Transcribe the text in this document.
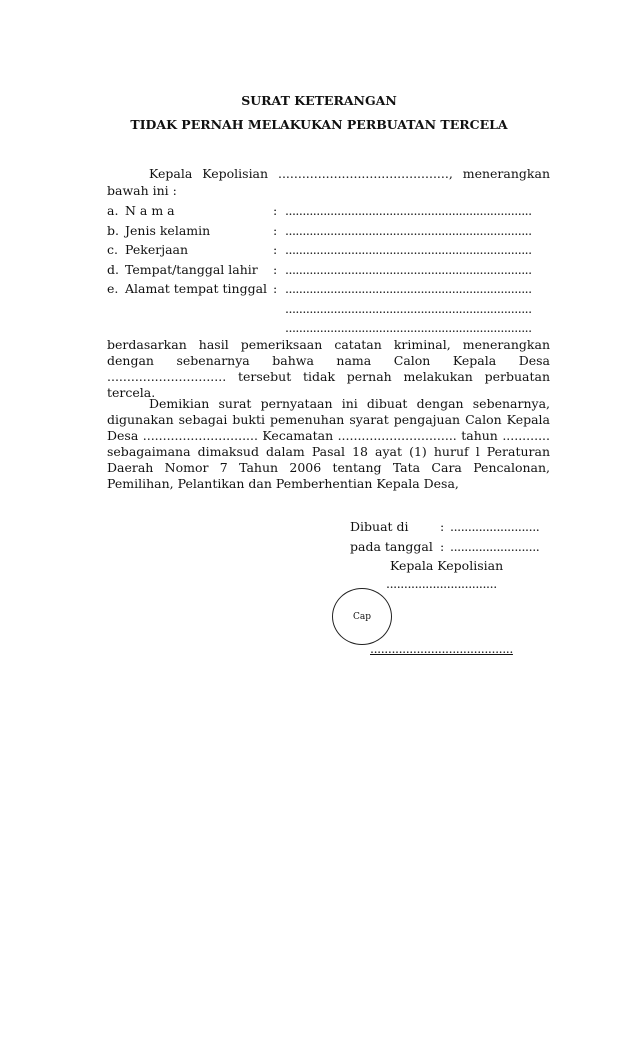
SURAT KETERANGAN
TIDAK PERNAH MELAKUKAN PERBUATAN TERCELA
Kepala Kepolisian ..........................................., menerangkan bawah ini :
a. N a m a	: .......................................................................
b. Jenis kelamin	: .......................................................................
c. Pekerjaan	: .......................................................................
d. Tempat/tanggal lahir : .......................................................................
e. Alamat tempat tinggal : .......................................................................
.......................................................................
.......................................................................
berdasarkan hasil pemeriksaan catatan kriminal, menerangkan dengan sebenarnya bahwa nama Calon Kepala Desa .............................. tersebut tidak pernah melakukan perbuatan tercela.
Demikian surat pernyataan ini dibuat dengan sebenarnya, digunakan sebagai bukti pemenuhan syarat pengajuan Calon Kepala Desa ............................. Kecamatan .............................. tahun ............ sebagaimana dimaksud dalam Pasal 18 ayat (1) huruf l Peraturan Daerah Nomor 7 Tahun 2006 tentang Tata Cara Pencalonan, Pemilihan, Pelantikan dan Pemberhentian Kepala Desa,
Dibuat di	: .........................
pada tanggal : .........................
Kepala Kepolisian
...............................
Cap
........................................
